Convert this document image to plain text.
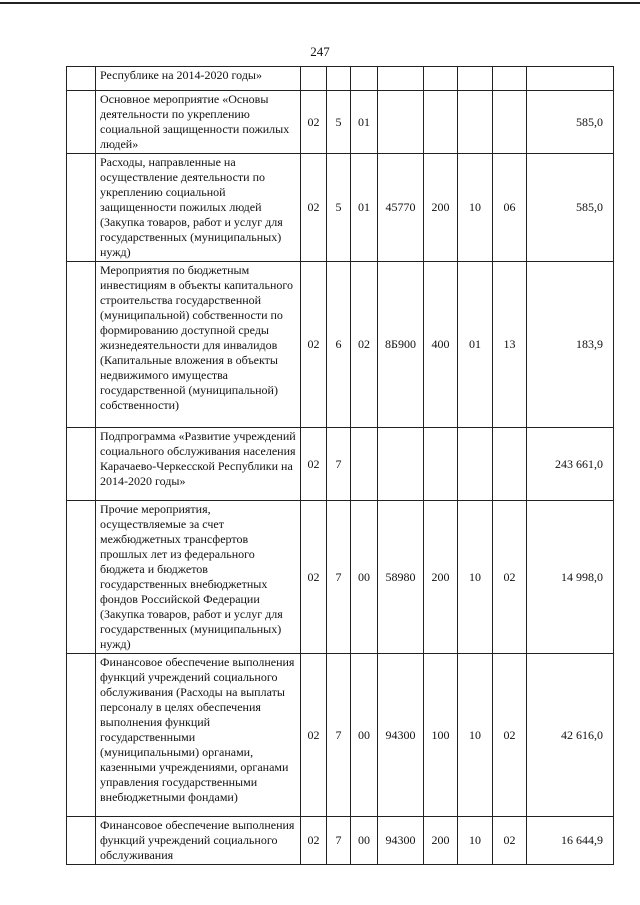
247
	Республике на 2014-2020 годы»								
	Основное мероприятие «Основы деятельности по укреплению социальной защищенности пожилых людей»	02	5	01					585,0
	Расходы, направленные на осуществление деятельности по укреплению социальной защищенности пожилых людей (Закупка товаров, работ и услуг для государственных (муниципальных) нужд)	02	5	01	45770	200	10	06	585,0
	Мероприятия по бюджетным инвестициям в объекты капитального строительства государственной (муниципальной) собственности по формированию доступной среды жизнедеятельности для инвалидов (Капитальные вложения в объекты недвижимого имущества государственной (муниципальной) собственности)	02	6	02	8Б900	400	01	13	183,9
	Подпрограмма «Развитие учреждений социального обслуживания населения Карачаево-Черкесской Республики на 2014-2020 годы»	02	7						243 661,0
	Прочие мероприятия, осуществляемые за счет межбюджетных трансфертов прошлых лет из федерального бюджета и бюджетов государственных внебюджетных фондов Российской Федерации (Закупка товаров, работ и услуг для государственных (муниципальных) нужд)	02	7	00	58980	200	10	02	14 998,0
	Финансовое обеспечение выполнения функций учреждений социального обслуживания (Расходы на выплаты персоналу в целях обеспечения выполнения функций государственными (муниципальными) органами, казенными учреждениями, органами управления государственными внебюджетными фондами)	02	7	00	94300	100	10	02	42 616,0
	Финансовое обеспечение выполнения функций учреждений социального обслуживания	02	7	00	94300	200	10	02	16 644,9
